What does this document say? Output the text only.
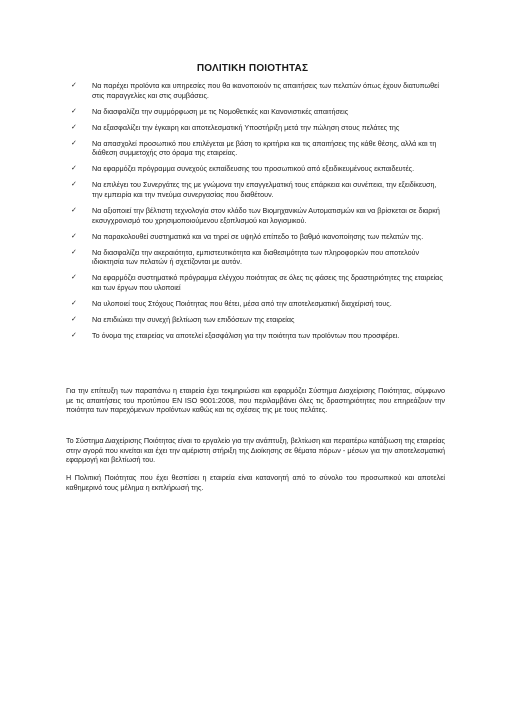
ΠΟΛΙΤΙΚΗ ΠΟΙΟΤΗΤΑΣ
✓ Να παρέχει προϊόντα και υπηρεσίες που θα ικανοποιούν τις απαιτήσεις των πελατών όπως έχουν διατυπωθεί στις παραγγελίες και στις συμβάσεις.
✓ Να διασφαλίζει την συμμόρφωση με τις Νομοθετικές και Κανονιστικές απαιτήσεις
✓ Να εξασφαλίζει την έγκαιρη και αποτελεσματική Υποστήριξη μετά την πώληση στους πελάτες της
✓ Να απασχολεί προσωπικό που επιλέγεται με βάση το κριτήρια και τις απαιτήσεις της κάθε θέσης, αλλά και τη διάθεση συμμετοχής στο όραμα της εταιρείας.
✓ Να εφαρμόζει πρόγραμμα συνεχούς εκπαίδευσης του προσωπικού από εξειδικευμένους εκπαιδευτές.
✓ Να επιλέγει του Συνεργάτες της με γνώμονα την επαγγελματική τους επάρκεια και συνέπεια, την εξειδίκευση, την εμπειρία και την πνεύμα συνεργασίας που διαθέτουν.
✓ Να αξιοποιεί την βέλτιστη τεχνολογία στον κλάδο των Βιομηχανικών Αυτοματισμών και να βρίσκεται σε διαρκή εκσυγχρονισμό του χρησιμοποιούμενου εξοπλισμού και λογισμικού.
✓ Να παρακολουθεί συστηματικά και να τηρεί σε υψηλό επίπεδο το βαθμό ικανοποίησης των πελατών της.
✓ Να διασφαλίζει την ακεραιότητα, εμπιστευτικότητα και διαθεσιμότητα των πληροφοριών που αποτελούν ιδιοκτησία των πελατών ή σχετίζονται με αυτόν.
✓ Να εφαρμόζει συστηματικό πρόγραμμα ελέγχου ποιότητας σε όλες τις φάσεις της δραστηριότητες της εταιρείας και των έργων που υλοποιεί
✓ Να υλοποιεί τους Στόχους Ποιότητας που θέτει, μέσα από την αποτελεσματική διαχείρισή τους.
✓ Να επιδιώκει την συνεχή βελτίωση των επιδόσεων της εταιρείας
✓ Το όνομα της εταιρείας να αποτελεί εξασφάλιση για την ποιότητα των προϊόντων που προσφέρει.

Για την επίτευξη των παραπάνω η εταιρεία έχει τεκμηριώσει και εφαρμόζει Σύστημα Διαχείρισης Ποιότητας, σύμφωνο με τις απαιτήσεις του προτύπου EN ISO 9001:2008, που περιλαμβάνει όλες τις δραστηριότητες που επηρεάζουν την ποιότητα των παρεχόμενων προϊόντων καθώς και τις σχέσεις της με τους πελάτες.

Το Σύστημα Διαχείρισης Ποιότητας είναι το εργαλείο για την ανάπτυξη, βελτίωση και περαιτέρω κατάξιωση της εταιρείας στην αγορά που κινείται και έχει την αμέριστη στήριξη της Διοίκησης σε θέματα πόρων - μέσων για την αποτελεσματική εφαρμογή και βελτίωσή του.

Η Πολιτική Ποιότητας που έχει θεσπίσει η εταιρεία είναι κατανοητή από το σύνολο του προσωπικού και αποτελεί καθημερινό τους μέλημα η εκπλήρωσή της.
